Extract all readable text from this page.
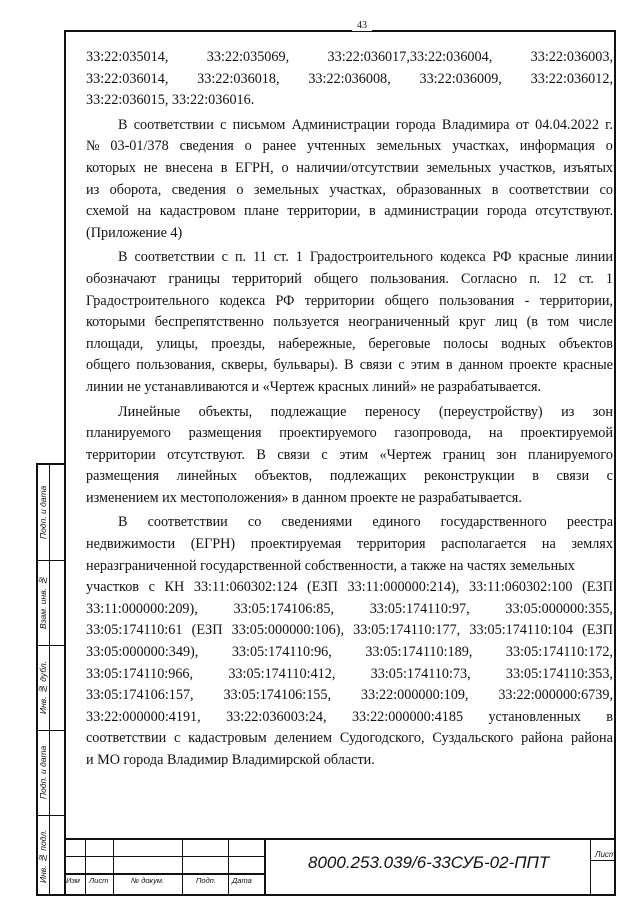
43
33:22:035014,	33:22:035069,	33:22:036017,33:22:036004,	33:22:036003,
33:22:036014, 33:22:036018, 33:22:036008, 33:22:036009, 33:22:036012,
33:22:036015, 33:22:036016.
В соответствии с письмом Администрации города Владимира от 04.04.2022 г.
№ 03-01/378 сведения о ранее учтенных земельных участках, информация о
которых не внесена в ЕГРН, о наличии/отсутствии земельных участков, изъятых
из оборота, сведения о земельных участках, образованных в соответствии со
схемой на кадастровом плане территории, в администрации города отсутствуют.
(Приложение 4)
В соответствии с п. 11 ст. 1 Градостроительного кодекса РФ красные линии
обозначают границы территорий общего пользования. Согласно п. 12 ст. 1
Градостроительного кодекса РФ территории общего пользования - территории,
которыми беспрепятственно пользуется неограниченный круг лиц (в том числе
площади, улицы, проезды, набережные, береговые полосы водных объектов
общего пользования, скверы, бульвары). В связи с этим в данном проекте красные
линии не устанавливаются и «Чертеж красных линий» не разрабатывается.
Линейные объекты, подлежащие переносу (переустройству) из зон
планируемого размещения проектируемого газопровода, на проектируемой
территории отсутствуют. В связи с этим «Чертеж границ зон планируемого
размещения линейных объектов, подлежащих реконструкции в связи с
изменением их местоположения» в данном проекте не разрабатывается.
В соответствии со сведениями единого государственного реестра
недвижимости (ЕГРН) проектируемая территория располагается на землях
неразграниченной государственной собственности, а также на частях земельных
участков с КН 33:11:060302:124 (ЕЗП 33:11:000000:214), 33:11:060302:100 (ЕЗП
33:11:000000:209),	33:05:174106:85,	33:05:174110:97,	33:05:000000:355,
33:05:174110:61 (ЕЗП 33:05:000000:106), 33:05:174110:177, 33:05:174110:104 (ЕЗП
33:05:000000:349), 33:05:174110:96, 33:05:174110:189, 33:05:174110:172,
33:05:174110:966, 33:05:174110:412, 33:05:174110:73, 33:05:174110:353,
33:05:174106:157, 33:05:174106:155, 33:22:000000:109, 33:22:000000:6739,
33:22:000000:4191, 33:22:036003:24, 33:22:000000:4185 установленных в
соответствии с кадастровым делением Судогодского, Суздальского района района
и МО города Владимир Владимирской области.
Подп. и дата
Взам. инв. №
Инв. № дубл.
Подп. и дата
Инв. № подл.	Изм Лист	№ докум.	Подп. Дата
8000.253.039/6-33СУБ-02-ППТ	Лист
